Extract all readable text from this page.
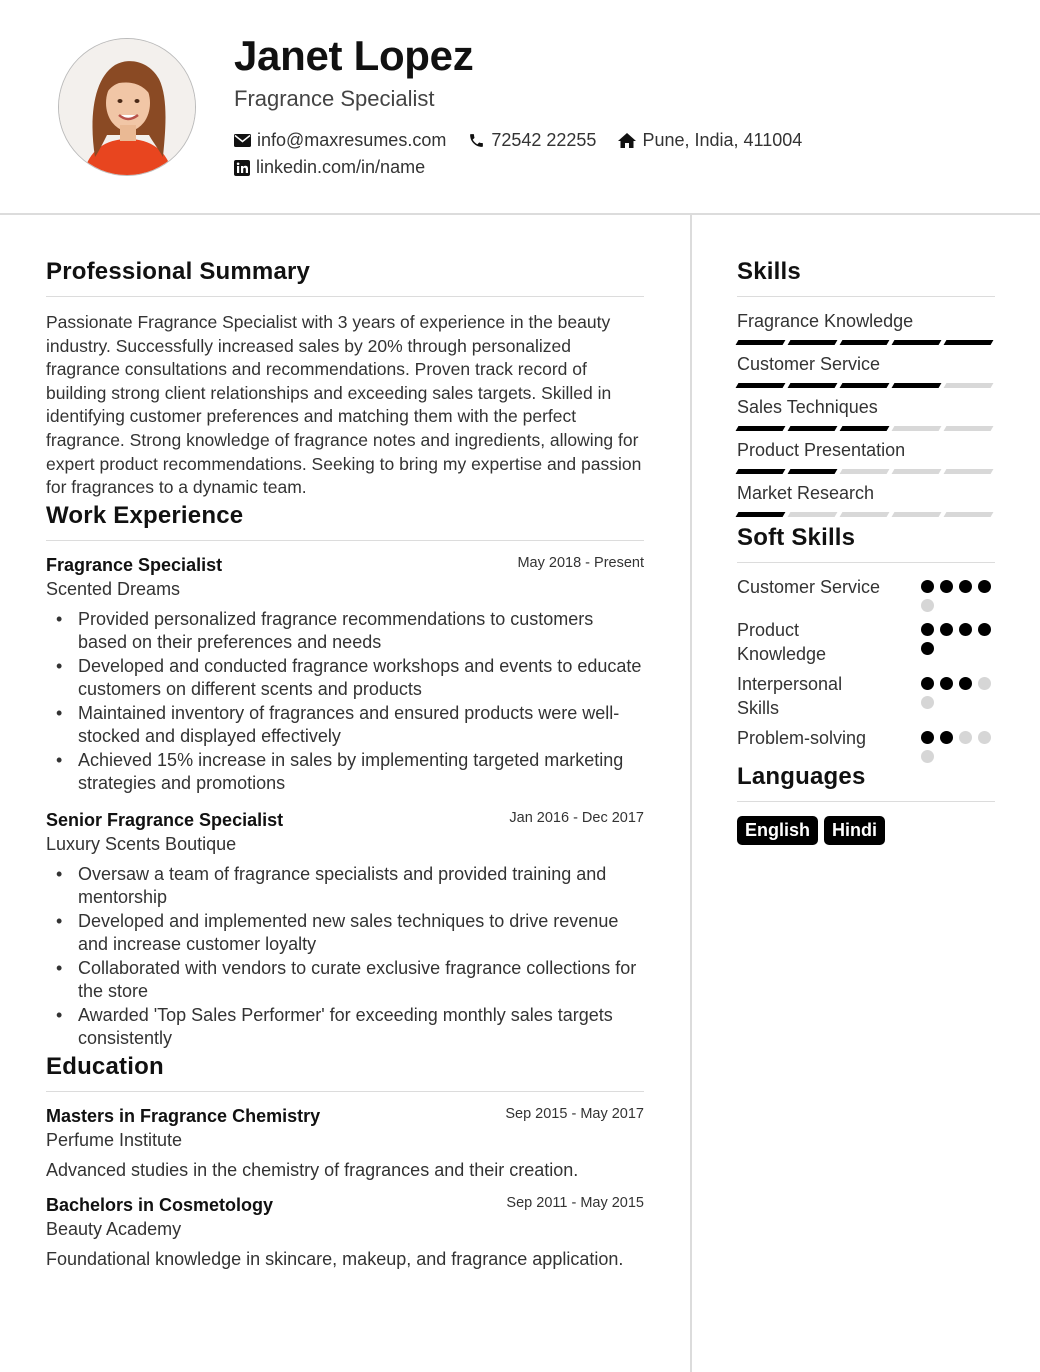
Janet Lopez
Fragrance Specialist
info@maxresumes.com	72542 22255	Pune, India, 411004
linkedin.com/in/name
Professional Summary
Passionate Fragrance Specialist with 3 years of experience in the beauty industry. Successfully increased sales by 20% through personalized fragrance consultations and recommendations. Proven track record of building strong client relationships and exceeding sales targets. Skilled in identifying customer preferences and matching them with the perfect fragrance. Strong knowledge of fragrance notes and ingredients, allowing for expert product recommendations. Seeking to bring my expertise and passion for fragrances to a dynamic team.
Work Experience
Fragrance Specialist	May 2018 - Present
Scented Dreams
• Provided personalized fragrance recommendations to customers based on their preferences and needs
• Developed and conducted fragrance workshops and events to educate customers on different scents and products
• Maintained inventory of fragrances and ensured products were well-stocked and displayed effectively
• Achieved 15% increase in sales by implementing targeted marketing strategies and promotions
Senior Fragrance Specialist	Jan 2016 - Dec 2017
Luxury Scents Boutique
• Oversaw a team of fragrance specialists and provided training and mentorship
• Developed and implemented new sales techniques to drive revenue and increase customer loyalty
• Collaborated with vendors to curate exclusive fragrance collections for the store
• Awarded 'Top Sales Performer' for exceeding monthly sales targets consistently
Education
Masters in Fragrance Chemistry	Sep 2015 - May 2017
Perfume Institute
Advanced studies in the chemistry of fragrances and their creation.
Bachelors in Cosmetology	Sep 2011 - May 2015
Beauty Academy
Foundational knowledge in skincare, makeup, and fragrance application.
Skills
Fragrance Knowledge
Customer Service
Sales Techniques
Product Presentation
Market Research
Soft Skills
Customer Service
Product Knowledge
Interpersonal Skills
Problem-solving
Languages
English	Hindi
